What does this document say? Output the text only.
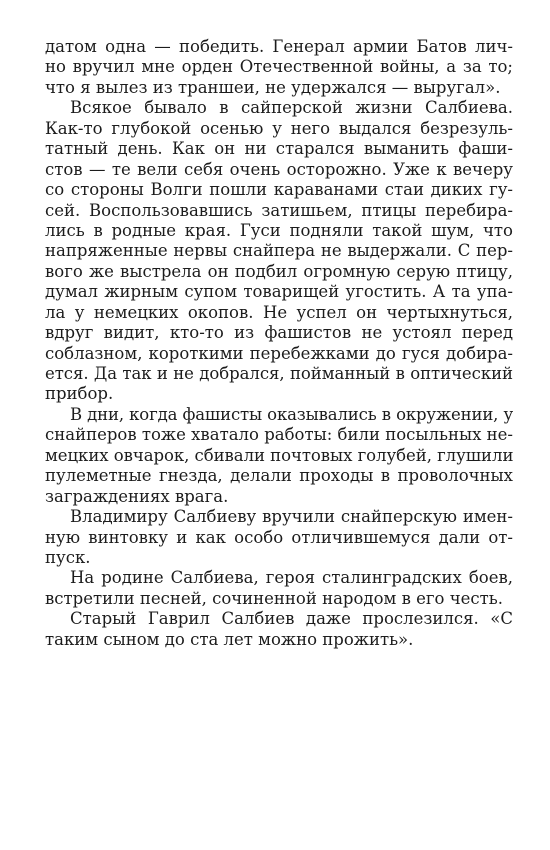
датом одна — победить. Генерал армии Батов лич-
но вручил мне орден Отечественной войны, а за то;
что я вылез из траншеи, не удержался — выругал».
Всякое бывало в сайперской жизни Салбиева.
Как-то глубокой осенью у него выдался безрезуль-
татный день. Как он ни старался выманить фаши-
стов — те вели себя очень осторожно. Уже к вечеру
со стороны Волги пошли караванами стаи диких гу-
сей. Воспользовавшись затишьем, птицы перебира-
лись в родные края. Гуси подняли такой шум, что
напряженные нервы снайпера не выдержали. С пер-
вого же выстрела он подбил огромную серую птицу,
думал жирным супом товарищей угостить. А та упа-
ла у немецких окопов. Не успел он чертыхнуться,
вдруг видит, кто-то из фашистов не устоял перед
соблазном, короткими перебежками до гуся добира-
ется. Да так и не добрался, пойманный в оптический
прибор.
В дни, когда фашисты оказывались в окружении, у
снайперов тоже хватало работы: били посыльных не-
мецких овчарок, сбивали почтовых голубей, глушили
пулеметные гнезда, делали проходы в проволочных
заграждениях врага.
Владимиру Салбиеву вручили снайперскую имен-
ную винтовку и как особо отличившемуся дали от-
пуск.
На родине Салбиева, героя сталинградских боев,
встретили песней, сочиненной народом в его честь.
Старый Гаврил Салбиев даже прослезился. «С
таким сыном до ста лет можно прожить».
